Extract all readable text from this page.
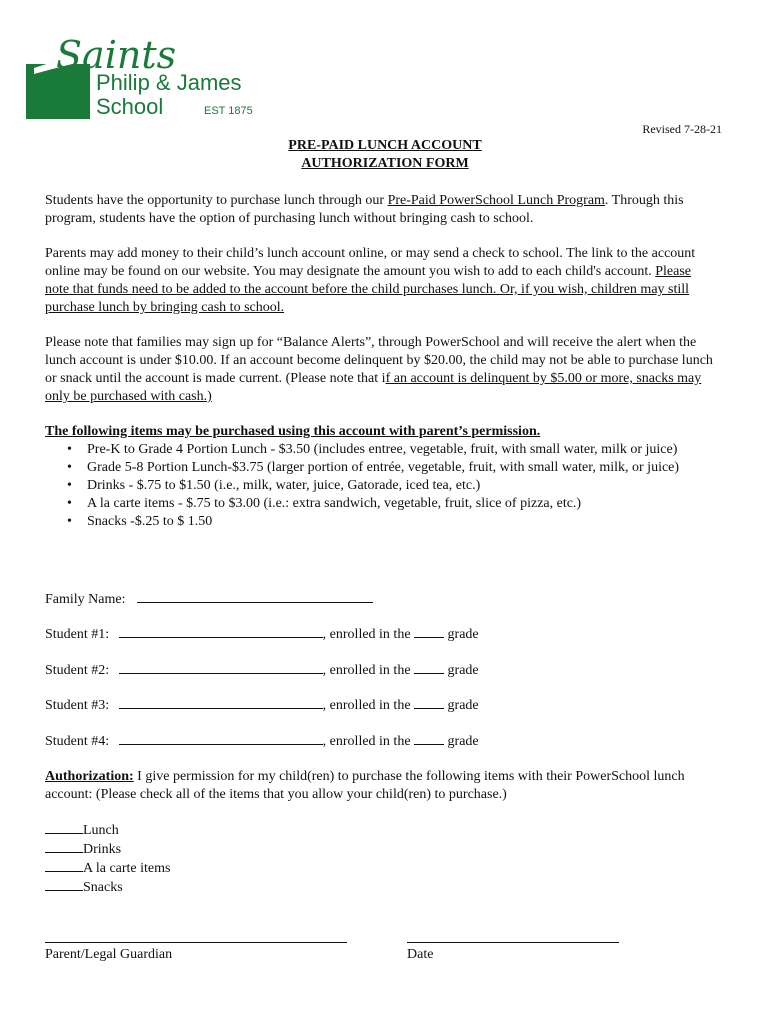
Saints
Philip & James
School	EST 1875
Revised 7-28-21
PRE-PAID LUNCH ACCOUNT
AUTHORIZATION FORM
Students have the opportunity to purchase lunch through our Pre-Paid PowerSchool Lunch Program. Through this program, students have the option of purchasing lunch without bringing cash to school.
Parents may add money to their child’s lunch account online, or may send a check to school. The link to the account online may be found on our website. You may designate the amount you wish to add to each child's account. Please note that funds need to be added to the account before the child purchases lunch. Or, if you wish, children may still purchase lunch by bringing cash to school.
Please note that families may sign up for “Balance Alerts”, through PowerSchool and will receive the alert when the lunch account is under $10.00. If an account become delinquent by $20.00, the child may not be able to purchase lunch or snack until the account is made current. (Please note that if an account is delinquent by $5.00 or more, snacks may only be purchased with cash.)
The following items may be purchased using this account with parent’s permission.
• Pre-K to Grade 4 Portion Lunch - $3.50 (includes entree, vegetable, fruit, with small water, milk or juice)
• Grade 5-8 Portion Lunch-$3.75 (larger portion of entrée, vegetable, fruit, with small water, milk, or juice)
• Drinks - $.75 to $1.50 (i.e., milk, water, juice, Gatorade, iced tea, etc.)
• A la carte items - $.75 to $3.00 (i.e.: extra sandwich, vegetable, fruit, slice of pizza, etc.)
• Snacks -$.25 to $ 1.50
Family Name:
Student #1:	, enrolled in the	grade
Student #2:	, enrolled in the	grade
Student #3:	, enrolled in the	grade
Student #4:	, enrolled in the	grade
Authorization: I give permission for my child(ren) to purchase the following items with their PowerSchool lunch account: (Please check all of the items that you allow your child(ren) to purchase.)
Lunch
Drinks
A la carte items
Snacks
Parent/Legal Guardian	Date
